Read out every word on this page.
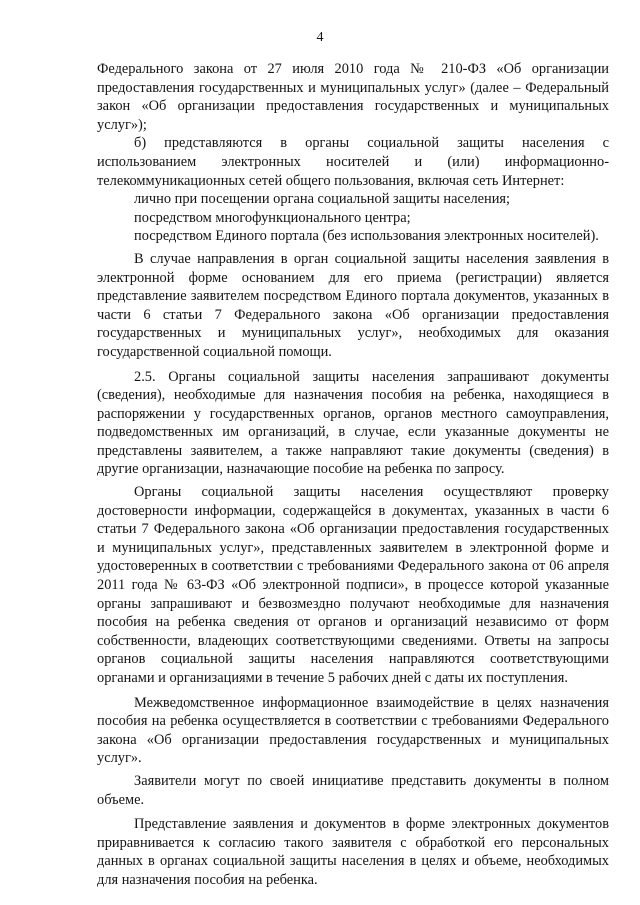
4

Федерального закона от 27 июля 2010 года № 210-ФЗ «Об организации предоставления государственных и муниципальных услуг» (далее – Федеральный закон «Об организации предоставления государственных и муниципальных услуг»);

б) представляются в органы социальной защиты населения с использованием электронных носителей и (или) информационно-телекоммуникационных сетей общего пользования, включая сеть Интернет:

лично при посещении органа социальной защиты населения;

посредством многофункционального центра;

посредством Единого портала (без использования электронных носителей).

В случае направления в орган социальной защиты населения заявления в электронной форме основанием для его приема (регистрации) является представление заявителем посредством Единого портала документов, указанных в части 6 статьи 7 Федерального закона «Об организации предоставления государственных и муниципальных услуг», необходимых для оказания государственной социальной помощи.

2.5. Органы социальной защиты населения запрашивают документы (сведения), необходимые для назначения пособия на ребенка, находящиеся в распоряжении у государственных органов, органов местного самоуправления, подведомственных им организаций, в случае, если указанные документы не представлены заявителем, а также направляют такие документы (сведения) в другие организации, назначающие пособие на ребенка по запросу.

Органы социальной защиты населения осуществляют проверку достоверности информации, содержащейся в документах, указанных в части 6 статьи 7 Федерального закона «Об организации предоставления государственных и муниципальных услуг», представленных заявителем в электронной форме и удостоверенных в соответствии с требованиями Федерального закона от 06 апреля 2011 года № 63-ФЗ «Об электронной подписи», в процессе которой указанные органы запрашивают и безвозмездно получают необходимые для назначения пособия на ребенка сведения от органов и организаций независимо от форм собственности, владеющих соответствующими сведениями. Ответы на запросы органов социальной защиты населения направляются соответствующими органами и организациями в течение 5 рабочих дней с даты их поступления.

Межведомственное информационное взаимодействие в целях назначения пособия на ребенка осуществляется в соответствии с требованиями Федерального закона «Об организации предоставления государственных и муниципальных услуг».

Заявители могут по своей инициативе представить документы в полном объеме.

Представление заявления и документов в форме электронных документов приравнивается к согласию такого заявителя с обработкой его персональных данных в органах социальной защиты населения в целях и объеме, необходимых для назначения пособия на ребенка.
